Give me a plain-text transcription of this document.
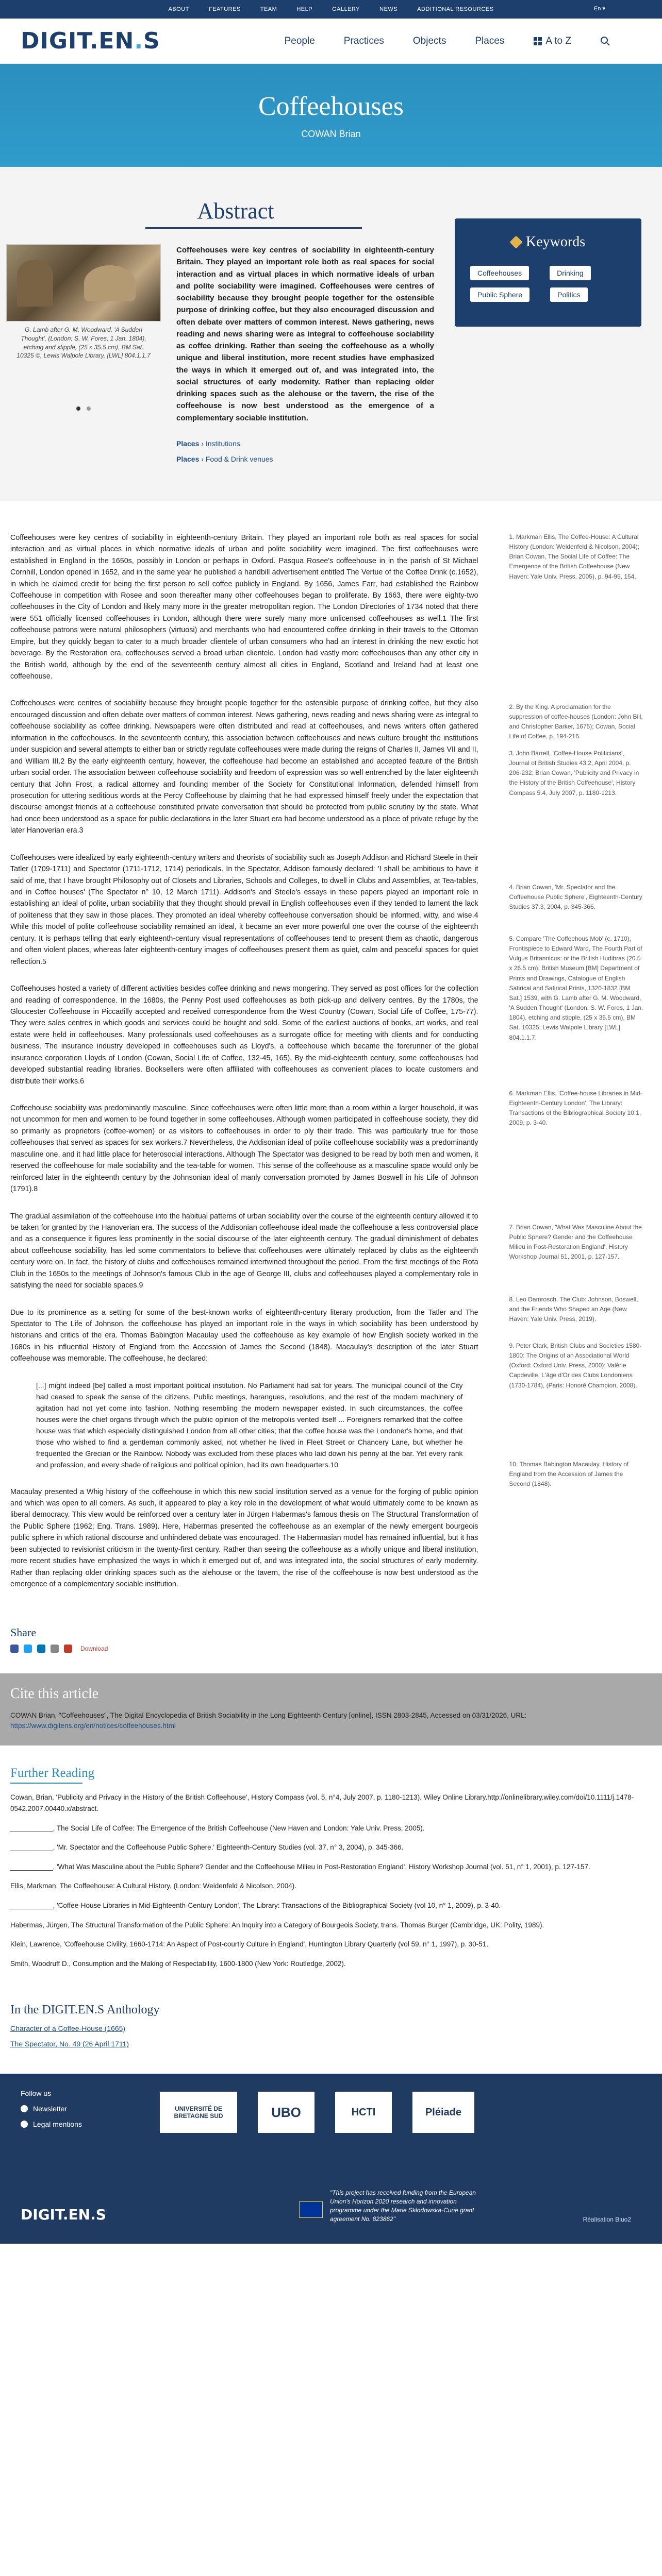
ABOUT	FEATURES	TEAM	HELP	GALLERY	NEWS	ADDITIONAL RESOURCES	En ▾
DIGIT.EN.S	People	Practices	Objects	Places	A to Z
Coffeehouses
COWAN Brian
Abstract
G. Lamb after G. M. Woodward, 'A Sudden Thought', (London: S. W. Fores, 1 Jan. 1804), etching and stipple, (25 x 35.5 cm), BM Sat. 10325 ©, Lewis Walpole Library, [LWL] 804.1.1.7
Coffeehouses were key centres of sociability in eighteenth-century Britain. They played an important role both as real spaces for social interaction and as virtual places in which normative ideals of urban and polite sociability were imagined. Coffeehouses were centres of sociability because they brought people together for the ostensible purpose of drinking coffee, but they also encouraged discussion and often debate over matters of common interest. News gathering, news reading and news sharing were as integral to coffeehouse sociability as coffee drinking. Rather than seeing the coffeehouse as a wholly unique and liberal institution, more recent studies have emphasized the ways in which it emerged out of, and was integrated into, the social structures of early modernity. Rather than replacing older drinking spaces such as the alehouse or the tavern, the rise of the coffeehouse is now best understood as the emergence of a complementary sociable institution.
Places › Institutions
Places › Food & Drink venues
Keywords
Coffeehouses	Drinking
Public Sphere	Politics

Coffeehouses were key centres of sociability in eighteenth-century Britain. They played an important role both as real spaces for social interaction and as virtual places in which normative ideals of urban and polite sociability were imagined. The first coffeehouses were established in England in the 1650s, possibly in London or perhaps in Oxford. Pasqua Rosee's coffeehouse in in the parish of St Michael Cornhill, London opened in 1652, and in the same year he published a handbill advertisement entitled The Vertue of the Coffee Drink (c.1652), in which he claimed credit for being the first person to sell coffee publicly in England. By 1656, James Farr, had established the Rainbow Coffeehouse in competition with Rosee and soon thereafter many other coffeehouses began to proliferate. By 1663, there were eighty-two coffeehouses in the City of London and likely many more in the greater metropolitan region. The London Directories of 1734 noted that there were 551 officially licensed coffeehouses in London, although there were surely many more unlicensed coffeehouses as well.1 The first coffeehouse patrons were natural philosophers (virtuosi) and merchants who had encountered coffee drinking in their travels to the Ottoman Empire, but they quickly began to cater to a much broader clientele of urban consumers who had an interest in drinking the new exotic hot beverage. By the Restoration era, coffeehouses served a broad urban clientele. London had vastly more coffeehouses than any other city in the British world, although by the end of the seventeenth century almost all cities in England, Scotland and Ireland had at least one coffeehouse.

Coffeehouses were centres of sociability because they brought people together for the ostensible purpose of drinking coffee, but they also encouraged discussion and often debate over matters of common interest. News gathering, news reading and news sharing were as integral to coffeehouse sociability as coffee drinking. Newspapers were often distributed and read at coffeehouses, and news writers often gathered information in the coffeehouses. In the seventeenth century, this association between coffeehouses and news culture brought the institutions under suspicion and several attempts to either ban or strictly regulate coffeehouses were made during the reigns of Charles II, James VII and II, and William III.2 By the early eighteenth century, however, the coffeehouse had become an established and accepted feature of the British urban social order. The association between coffeehouse sociability and freedom of expression was so well entrenched by the later eighteenth century that John Frost, a radical attorney and founding member of the Society for Constitutional Information, defended himself from prosecution for uttering seditious words at the Percy Coffeehouse by claiming that he had expressed himself freely under the expectation that discourse amongst friends at a coffeehouse constituted private conversation that should be protected from public scrutiny by the state. What had once been understood as a space for public declarations in the later Stuart era had become understood as a place of private refuge by the later Hanoverian era.3

Coffeehouses were idealized by early eighteenth-century writers and theorists of sociability such as Joseph Addison and Richard Steele in their Tatler (1709-1711) and Spectator (1711-1712, 1714) periodicals. In the Spectator, Addison famously declared: 'I shall be ambitious to have it said of me, that I have brought Philosophy out of Closets and Libraries, Schools and Colleges, to dwell in Clubs and Assemblies, at Tea-tables, and in Coffee houses' (The Spectator n° 10, 12 March 1711). Addison's and Steele's essays in these papers played an important role in establishing an ideal of polite, urban sociability that they thought should prevail in English coffeehouses even if they tended to lament the lack of politeness that they saw in those places. They promoted an ideal whereby coffeehouse conversation should be informed, witty, and wise.4 While this model of polite coffeehouse sociability remained an ideal, it became an ever more powerful one over the course of the eighteenth century. It is perhaps telling that early eighteenth-century visual representations of coffeehouses tend to present them as chaotic, dangerous and often violent places, whereas later eighteenth-century images of coffeehouses present them as quiet, calm and peaceful spaces for quiet reflection.5

Coffeehouses hosted a variety of different activities besides coffee drinking and news mongering. They served as post offices for the collection and reading of correspondence. In the 1680s, the Penny Post used coffeehouses as both pick-up and delivery centres. By the 1780s, the Gloucester Coffeehouse in Piccadilly accepted and received correspondence from the West Country (Cowan, Social Life of Coffee, 175-77). They were sales centres in which goods and services could be bought and sold. Some of the earliest auctions of books, art works, and real estate were held in coffeehouses. Many professionals used coffeehouses as a surrogate office for meeting with clients and for conducting business. The insurance industry developed in coffeehouses such as Lloyd's, a coffeehouse which became the forerunner of the global insurance corporation Lloyds of London (Cowan, Social Life of Coffee, 132-45, 165). By the mid-eighteenth century, some coffeehouses had developed substantial reading libraries. Booksellers were often affiliated with coffeehouses as convenient places to locate customers and distribute their works.6

Coffeehouse sociability was predominantly masculine. Since coffeehouses were often little more than a room within a larger household, it was not uncommon for men and women to be found together in some coffeehouses. Although women participated in coffeehouse society, they did so primarily as proprietors (coffee-women) or as visitors to coffeehouses in order to ply their trade. This was particularly true for those coffeehouses that served as spaces for sex workers.7 Nevertheless, the Addisonian ideal of polite coffeehouse sociability was a predominantly masculine one, and it had little place for heterosocial interactions. Although The Spectator was designed to be read by both men and women, it reserved the coffeehouse for male sociability and the tea-table for women. This sense of the coffeehouse as a masculine space would only be reinforced later in the eighteenth century by the Johnsonian ideal of manly conversation promoted by James Boswell in his Life of Johnson (1791).8

The gradual assimilation of the coffeehouse into the habitual patterns of urban sociability over the course of the eighteenth century allowed it to be taken for granted by the Hanoverian era. The success of the Addisonian coffeehouse ideal made the coffeehouse a less controversial place and as a consequence it figures less prominently in the social discourse of the later eighteenth century. The gradual diminishment of debates about coffeehouse sociability, has led some commentators to believe that coffeehouses were ultimately replaced by clubs as the eighteenth century wore on. In fact, the history of clubs and coffeehouses remained intertwined throughout the period. From the first meetings of the Rota Club in the 1650s to the meetings of Johnson's famous Club in the age of George III, clubs and coffeehouses played a complementary role in satisfying the need for sociable spaces.9

Due to its prominence as a setting for some of the best-known works of eighteenth-century literary production, from the Tatler and The Spectator to The Life of Johnson, the coffeehouse has played an important role in the ways in which sociability has been understood by historians and critics of the era. Thomas Babington Macaulay used the coffeehouse as key example of how English society worked in the 1680s in his influential History of England from the Accession of James the Second (1848). Macaulay's description of the later Stuart coffeehouse was memorable. The coffeehouse, he declared:

[...] might indeed [be] called a most important political institution. No Parliament had sat for years. The municipal council of the City had ceased to speak the sense of the citizens. Public meetings, harangues, resolutions, and the rest of the modern machinery of agitation had not yet come into fashion. Nothing resembling the modern newspaper existed. In such circumstances, the coffee houses were the chief organs through which the public opinion of the metropolis vented itself ... Foreigners remarked that the coffee house was that which especially distinguished London from all other cities; that the coffee house was the Londoner's home, and that those who wished to find a gentleman commonly asked, not whether he lived in Fleet Street or Chancery Lane, but whether he frequented the Grecian or the Rainbow. Nobody was excluded from these places who laid down his penny at the bar. Yet every rank and profession, and every shade of religious and political opinion, had its own headquarters.10

Macaulay presented a Whig history of the coffeehouse in which this new social institution served as a venue for the forging of public opinion and which was open to all comers. As such, it appeared to play a key role in the development of what would ultimately come to be known as liberal democracy. This view would be reinforced over a century later in Jürgen Habermas's famous thesis on The Structural Transformation of the Public Sphere (1962; Eng. Trans. 1989). Here, Habermas presented the coffeehouse as an exemplar of the newly emergent bourgeois public sphere in which rational discourse and unhindered debate was encouraged. The Habermasian model has remained influential, but it has been subjected to revisionist criticism in the twenty-first century. Rather than seeing the coffeehouse as a wholly unique and liberal institution, more recent studies have emphasized the ways in which it emerged out of, and was integrated into, the social structures of early modernity. Rather than replacing older drinking spaces such as the alehouse or the tavern, the rise of the coffeehouse is now best understood as the emergence of a complementary sociable institution.

1. Markman Ellis, The Coffee-House: A Cultural History (London: Weidenfeld & Nicolson, 2004); Brian Cowan, The Social Life of Coffee: The Emergence of the British Coffeehouse (New Haven: Yale Univ. Press, 2005), p. 94-95, 154.

2. By the King. A proclamation for the suppression of coffee-houses (London: John Bill, and Christopher Barker, 1675); Cowan, Social Life of Coffee, p. 194-216.

3. John Barrell, 'Coffee-House Politicians', Journal of British Studies 43.2, April 2004, p. 206-232; Brian Cowan, 'Publicity and Privacy in the History of the British Coffeehouse', History Compass 5.4, July 2007, p. 1180-1213.

4. Brian Cowan, 'Mr. Spectator and the Coffeehouse Public Sphere', Eighteenth-Century Studies 37.3, 2004, p. 345-366.

5. Compare 'The Coffeehous Mob' (c. 1710), Frontispiece to Edward Ward, The Fourth Part of Vulgus Britannicus: or the British Hudibras (20.5 x 26.5 cm), British Museum [BM] Department of Prints and Drawings, Catalogue of English Satirical and Satirical Prints, 1320-1832 [BM Sat.] 1539, with G. Lamb after G. M. Woodward, 'A Sudden Thought' (London: S. W. Fores, 1 Jan. 1804), etching and stipple, (25 x 35.5 cm), BM Sat. 10325; Lewis Walpole Library [LWL] 804.1.1.7.

6. Markman Ellis, 'Coffee-house Libraries in Mid-Eighteenth-Century London', The Library: Transactions of the Bibliographical Society 10.1, 2009, p. 3-40.

7. Brian Cowan, 'What Was Masculine About the Public Sphere? Gender and the Coffeehouse Milieu in Post-Restoration England', History Workshop Journal 51, 2001, p. 127-157.

8. Leo Damrosch, The Club: Johnson, Boswell, and the Friends Who Shaped an Age (New Haven: Yale Univ. Press, 2019).

9. Peter Clark, British Clubs and Societies 1580-1800: The Origins of an Associational World (Oxford: Oxford Univ. Press, 2000); Valérie Capdeville, L'âge d'Or des Clubs Londoniens (1730-1784), (Paris: Honoré Champion, 2008).

10. Thomas Babington Macaulay, History of England from the Accession of James the Second (1848).

Share
Download
Cite this article

COWAN Brian, "Coffeehouses", The Digital Encyclopedia of British Sociability in the Long Eighteenth Century [online], ISSN 2803-2845, Accessed on 03/31/2026, URL: https://www.digitens.org/en/notices/coffeehouses.html

Further Reading

Cowan, Brian, 'Publicity and Privacy in the History of the British Coffeehouse', History Compass (vol. 5, n°4, July 2007, p. 1180-1213). Wiley Online Library.http://onlinelibrary.wiley.com/doi/10.1111/j.1478-0542.2007.00440.x/abstract.

___________, The Social Life of Coffee: The Emergence of the British Coffeehouse (New Haven and London: Yale Univ. Press, 2005).

___________, 'Mr. Spectator and the Coffeehouse Public Sphere.' Eighteenth-Century Studies (vol. 37, n° 3, 2004), p. 345-366.

___________, 'What Was Masculine about the Public Sphere? Gender and the Coffeehouse Milieu in Post-Restoration England', History Workshop Journal (vol. 51, n° 1, 2001), p. 127-157.

Ellis, Markman, The Coffeehouse: A Cultural History, (London: Weidenfeld & Nicolson, 2004).

___________, 'Coffee-House Libraries in Mid-Eighteenth-Century London', The Library: Transactions of the Bibliographical Society (vol 10, n° 1, 2009), p. 3-40.

Habermas, Jürgen, The Structural Transformation of the Public Sphere: An Inquiry into a Category of Bourgeois Society, trans. Thomas Burger (Cambridge, UK: Polity, 1989).

Klein, Lawrence, 'Coffeehouse Civility, 1660-1714: An Aspect of Post-courtly Culture in England', Huntington Library Quarterly (vol 59, n° 1, 1997), p. 30-51.

Smith, Woodruff D., Consumption and the Making of Respectability, 1600-1800 (New York: Routledge, 2002).

In the DIGIT.EN.S Anthology
Character of a Coffee-House (1665)
The Spectator, No. 49 (26 April 1711)
Follow us
Newsletter
Legal mentions
UNIVERSITÉ DE BRETAGNE SUD	UBO	HCTI	Pléiade
DIGIT.EN.S
"This project has received funding from the European Union's Horizon 2020 research and innovation programme under the Marie Skłodowska-Curie grant agreement No. 823862"	Réalisation Bluo2
